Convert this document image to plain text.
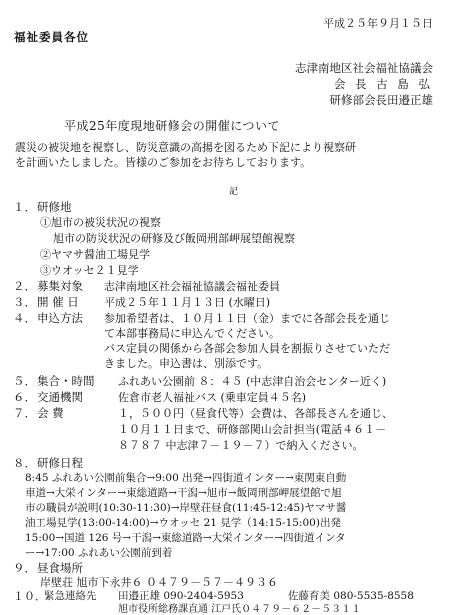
平成２５年９月１５日
福祉委員各位
志津南地区社会福祉協議会
会 長 古 島 弘
研修部会長田邉正雄
平成25年度現地研修会の開催について
震災の被災地を視察し、防災意識の高揚を図るため下記により視察研
を計画いたしました。皆様のご参加をお待ちしております。
記
１． 研修地
①旭市の被災状況の視察
旭市の防災状況の研修及び飯岡刑部岬展望館視察
②ヤマサ醤油工場見学
③ウオッセ２１見学
２． 募集対象 志津南地区社会福祉協議会福祉委員
３． 開 催 日 平成２５年１１月１３日 (水曜日)
４． 申込方法 参加希望者は、１０月１１日（金）までに各部会長を通じ
て本部事務局に申込んでください。
バス定員の関係から各部会参加人員を割振りさせていただ
きました。申込書は、別添です。
５． 集合・時間 ふれあい公園前 ８：４５ (中志津自治会センター近く)
６． 交通機関	佐倉市老人福祉バス (乗車定員４５名)
７． 会 費	１，５００円（昼食代等）会費は、各部長さんを通じ、
１０月１１日まで、研修部関山会計担当(電話４６１－
８７８７ 中志津７－１９－７）で納入ください。
８． 研修日程
8:45 ふれあい公園前集合→9:00 出発→四街道インター→東関東自動
車道→大栄インター→東総道路→干潟→旭市→飯岡刑部岬展望館で旭
市の職員が説明(10:30-11:30)→岸壁荘昼食(11:45-12:45)ヤマサ醤
油工場見学(13:00-14:00)→ウオッセ 21 見学（14:15-15:00)出発
15:00→国道 126 号→干潟→東総道路→大栄インター→四街道インタ
ー→17:00 ふれあい公園前到着
９． 昼食場所
岸壁荘 旭市下永井６ ０４７９－５７－４９３６
１０．
緊急連絡先 田邉正雄 090-2404-5953	佐藤育美 080-5535-8558
旭市役所総務課直通 江戸氏０４７９－６２－５３１１
